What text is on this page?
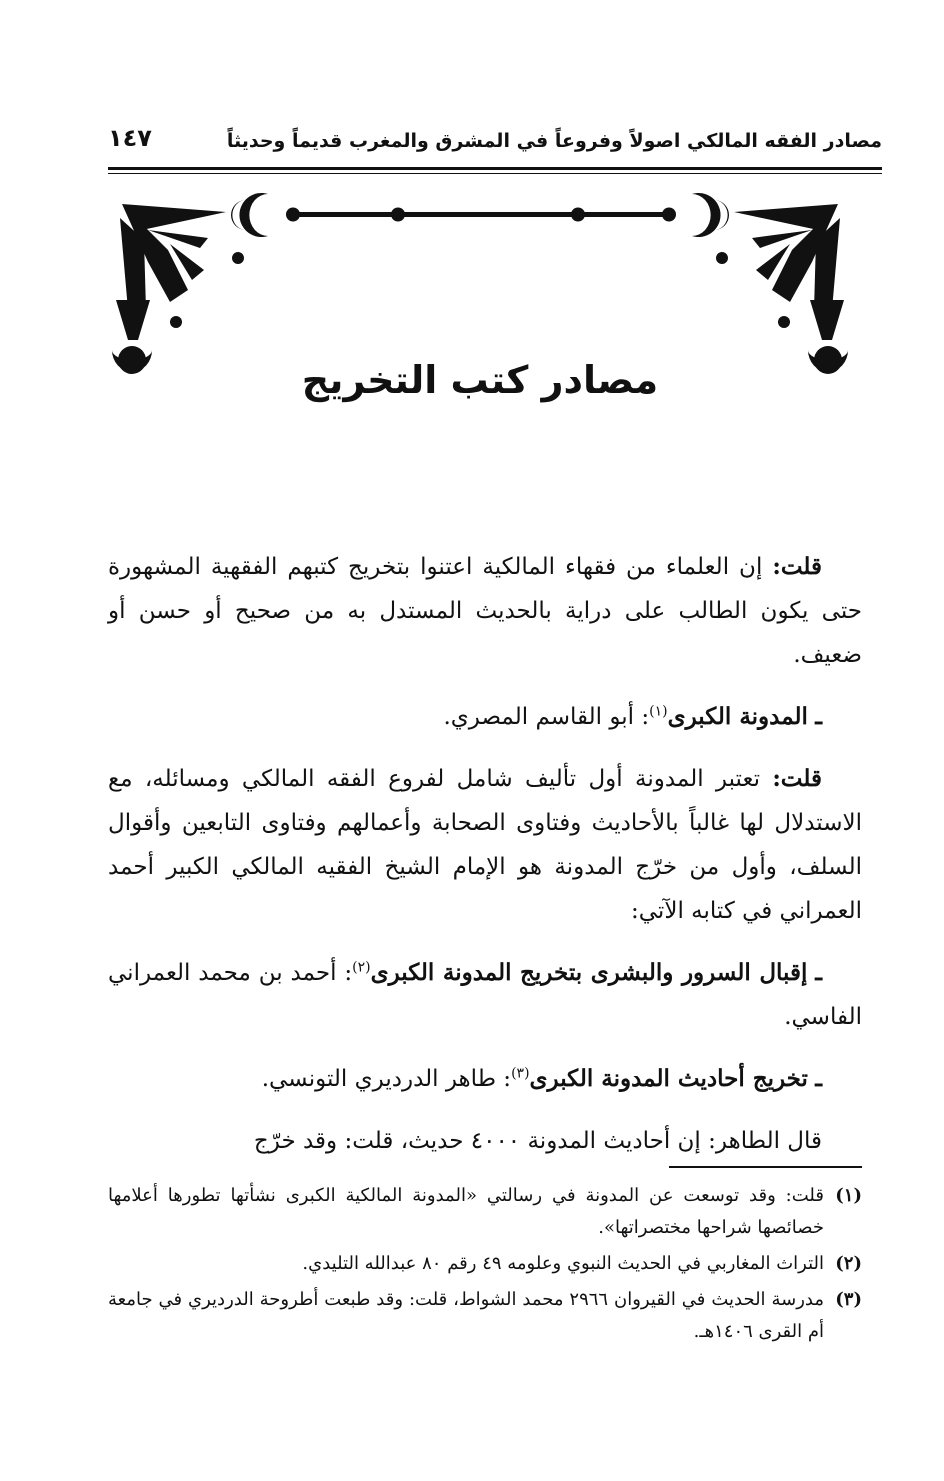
مصادر الفقه المالكي اصولاً وفروعاً في المشرق والمغرب قديماً وحديثاً
١٤٧
مصادر كتب التخريج

قلت: إن العلماء من فقهاء المالكية اعتنوا بتخريج كتبهم الفقهية المشهورة حتى يكون الطالب على دراية بالحديث المستدل به من صحيح أو حسن أو ضعيف.

ـ المدونة الكبرى$^{(١)}$: أبو القاسم المصري.

قلت: تعتبر المدونة أول تأليف شامل لفروع الفقه المالكي ومسائله، مع الاستدلال لها غالباً بالأحاديث وفتاوى الصحابة وأعمالهم وفتاوى التابعين وأقوال السلف، وأول من خرّج المدونة هو الإمام الشيخ الفقيه المالكي الكبير أحمد العمراني في كتابه الآتي:

ـ إقبال السرور والبشرى بتخريج المدونة الكبرى$^{(٢)}$: أحمد بن محمد العمراني الفاسي.

ـ تخريج أحاديث المدونة الكبرى$^{(٣)}$: طاهر الدرديري التونسي.

قال الطاهر: إن أحاديث المدونة ٤٠٠٠ حديث، قلت: وقد خرّج

(١)
قلت: وقد توسعت عن المدونة في رسالتي «المدونة المالكية الكبرى نشأتها تطورها أعلامها خصائصها شراحها مختصراتها».
(٢)
التراث المغاربي في الحديث النبوي وعلومه ٤٩ رقم ٨٠ عبدالله التليدي.
(٣)
مدرسة الحديث في القيروان ٢٩٦٦ محمد الشواط، قلت: وقد طبعت أطروحة الدرديري في جامعة أم القرى ١٤٠٦هـ.
